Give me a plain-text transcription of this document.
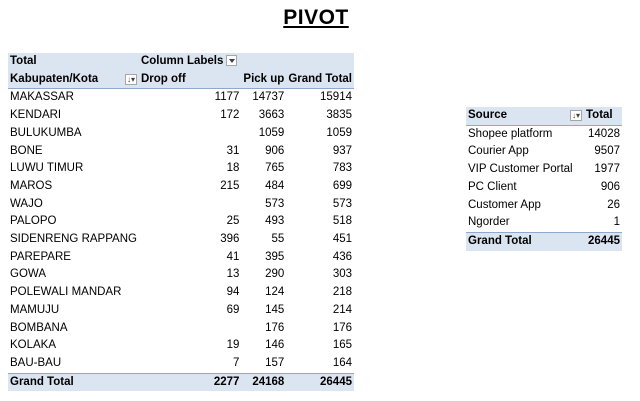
PIVOT
Total	Column Labels		

Kabupaten/Kota ↓▾	Drop off	Pick up	Grand Total
MAKASSAR	1177	14737	15914
KENDARI	172	3663	3835
BULUKUMBA		1059	1059
BONE	31	906	937
LUWU TIMUR	18	765	783
MAROS	215	484	699
WAJO		573	573
PALOPO	25	493	518
SIDENRENG RAPPANG	396	55	451
PAREPARE	41	395	436
GOWA	13	290	303
POLEWALI MANDAR	94	124	218
MAMUJU	69	145	214
BOMBANA		176	176
KOLAKA	19	146	165
BAU-BAU	7	157	164
Grand Total	2277	24168	26445
Source ↓▾	Total
Shopee platform	14028
Courier App	9507
VIP Customer Portal	1977
PC Client	906
Customer App	26
Ngorder	1
Grand Total	26445
